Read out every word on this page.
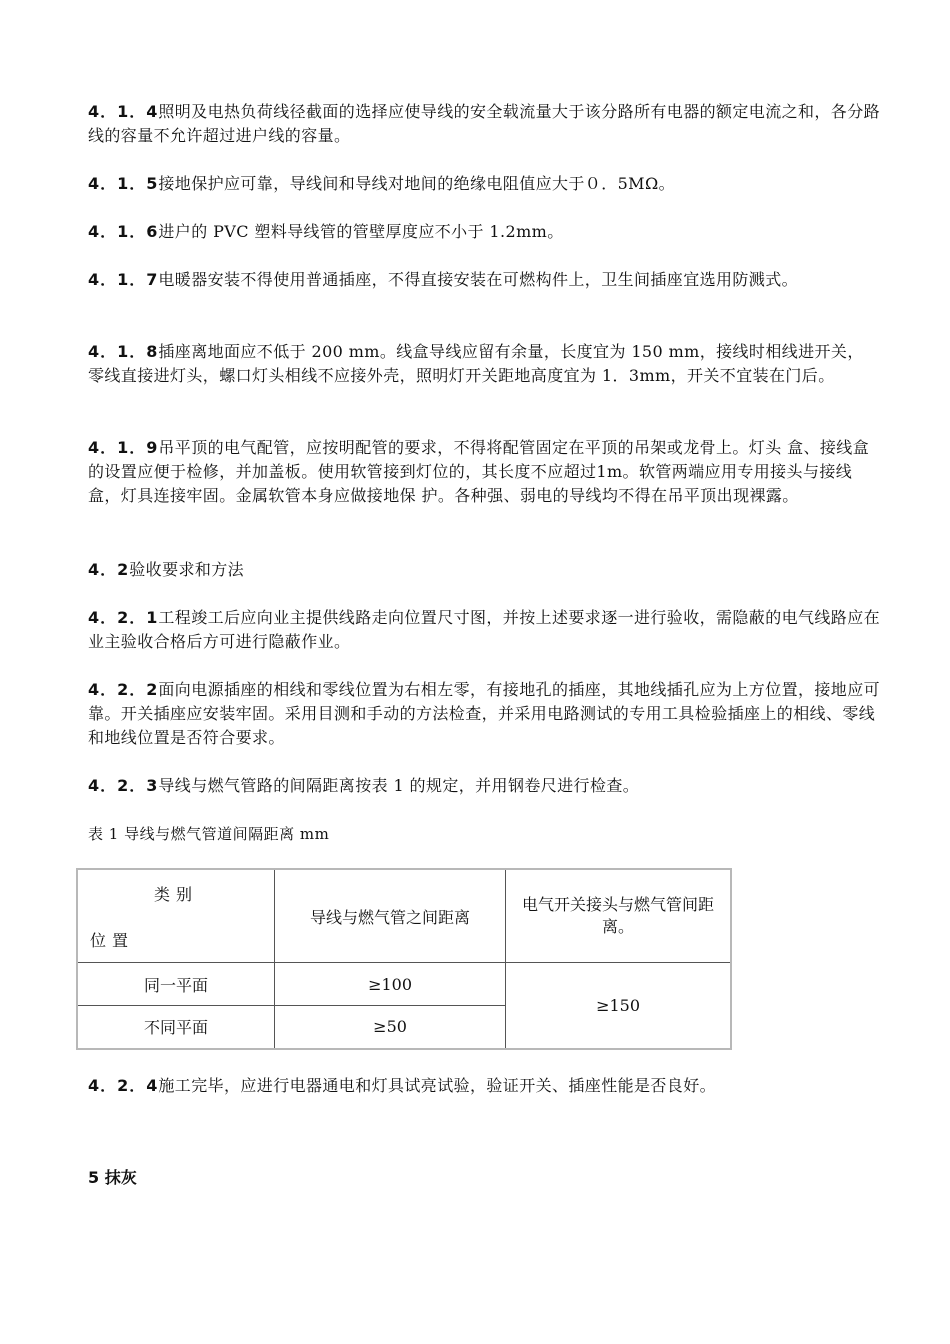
4．1．4照明及电热负荷线径截面的选择应使导线的安全载流量大于该分路所有电器的额定电流之和，各分路线的容量不允许超过进户线的容量。

4．1．5接地保护应可靠，导线间和导线对地间的绝缘电阻值应大于０．5MΩ。

4．1．6进户的 PVC 塑料导线管的管壁厚度应不小于 1.2mm。

4．1．7电暖器安装不得使用普通插座，不得直接安装在可燃构件上，卫生间插座宜选用防溅式。

4．1．8插座离地面应不低于 200 mm。线盒导线应留有余量，长度宜为 150 mm，接线时相线进开关，零线直接进灯头，螺口灯头相线不应接外壳，照明灯开关距地高度宜为 1．3mm，开关不宜装在门后。

4．1．9吊平顶的电气配管，应按明配管的要求，不得将配管固定在平顶的吊架或龙骨上。灯头 盒、接线盒的设置应便于检修，并加盖板。使用软管接到灯位的，其长度不应超过1m。软管两端应用专用接头与接线盒，灯具连接牢固。金属软管本身应做接地保 护。各种强、弱电的导线均不得在吊平顶出现裸露。

4．2验收要求和方法

4．2．1工程竣工后应向业主提供线路走向位置尺寸图，并按上述要求逐一进行验收，需隐蔽的电气线路应在业主验收合格后方可进行隐蔽作业。

4．2．2面向电源插座的相线和零线位置为右相左零，有接地孔的插座，其地线插孔应为上方位置，接地应可靠。开关插座应安装牢固。采用目测和手动的方法检查，并采用电路测试的专用工具检验插座上的相线、零线和地线位置是否符合要求。

4．2．3导线与燃气管路的间隔距离按表 1 的规定，并用钢卷尺进行检查。

表 1 导线与燃气管道间隔距离 mm
类别
位置	导线与燃气管之间距离	电气开关接头与燃气管间距离。
同一平面	≥100	≥150
不同平面	≥50	

4．2．4施工完毕，应进行电器通电和灯具试亮试验，验证开关、插座性能是否良好。

5 抹灰
